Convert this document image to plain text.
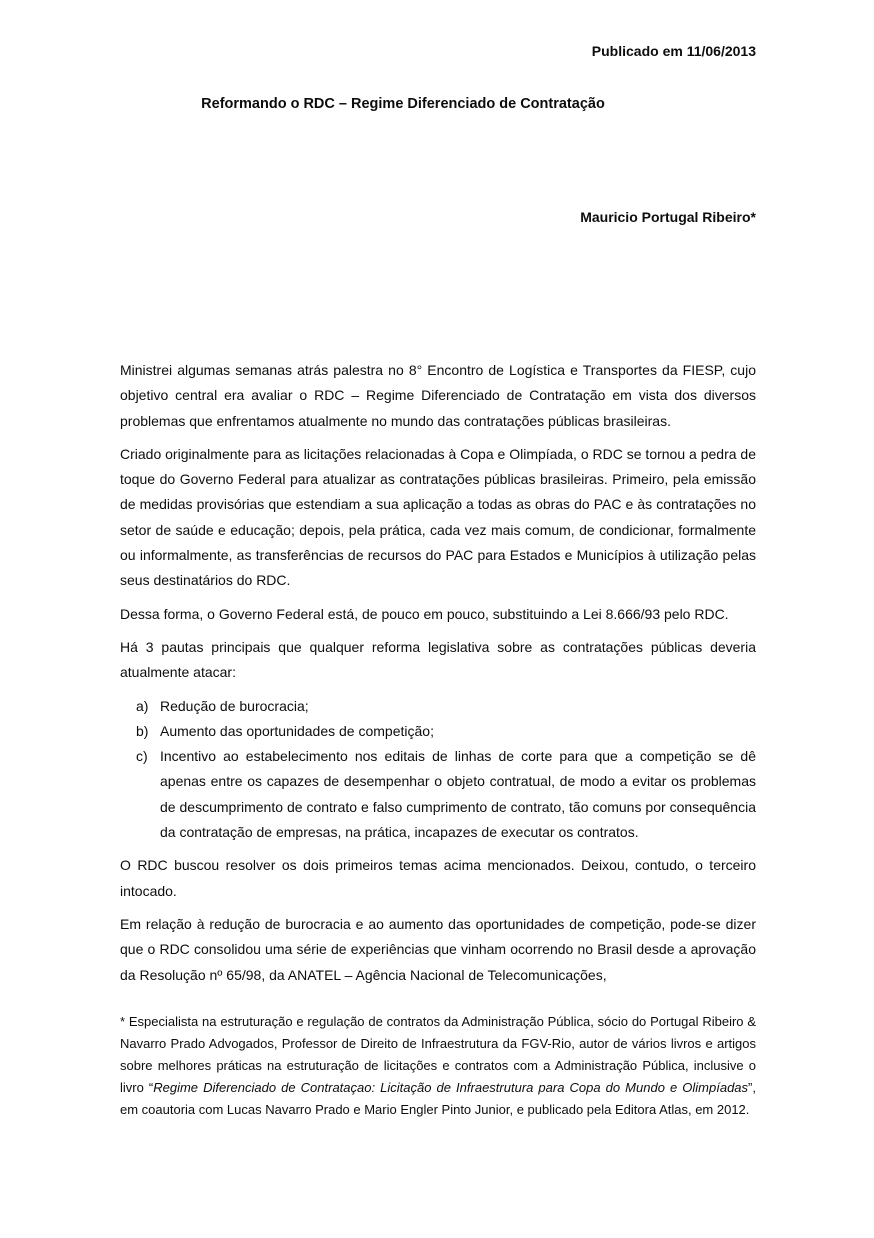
Publicado em 11/06/2013
Reformando o RDC – Regime Diferenciado de Contratação
Mauricio Portugal Ribeiro*

Ministrei algumas semanas atrás palestra no 8° Encontro de Logística e Transportes da FIESP, cujo objetivo central era avaliar o RDC – Regime Diferenciado de Contratação em vista dos diversos problemas que enfrentamos atualmente no mundo das contratações públicas brasileiras.

Criado originalmente para as licitações relacionadas à Copa e Olimpíada, o RDC se tornou a pedra de toque do Governo Federal para atualizar as contratações públicas brasileiras. Primeiro, pela emissão de medidas provisórias que estendiam a sua aplicação a todas as obras do PAC e às contratações no setor de saúde e educação; depois, pela prática, cada vez mais comum, de condicionar, formalmente ou informalmente, as transferências de recursos do PAC para Estados e Municípios à utilização pelas seus destinatários do RDC.

Dessa forma, o Governo Federal está, de pouco em pouco, substituindo a Lei 8.666/93 pelo RDC.

Há 3 pautas principais que qualquer reforma legislativa sobre as contratações públicas deveria atualmente atacar:

a) Redução de burocracia;
b) Aumento das oportunidades de competição;
c) Incentivo ao estabelecimento nos editais de linhas de corte para que a competição se dê apenas entre os capazes de desempenhar o objeto contratual, de modo a evitar os problemas de descumprimento de contrato e falso cumprimento de contrato, tão comuns por consequência da contratação de empresas, na prática, incapazes de executar os contratos.

O RDC buscou resolver os dois primeiros temas acima mencionados. Deixou, contudo, o terceiro intocado.

Em relação à redução de burocracia e ao aumento das oportunidades de competição, pode-se dizer que o RDC consolidou uma série de experiências que vinham ocorrendo no Brasil desde a aprovação da Resolução nº 65/98, da ANATEL – Agência Nacional de Telecomunicações,

* Especialista na estruturação e regulação de contratos da Administração Pública, sócio do Portugal Ribeiro & Navarro Prado Advogados, Professor de Direito de Infraestrutura da FGV-Rio, autor de vários livros e artigos sobre melhores práticas na estruturação de licitações e contratos com a Administração Pública, inclusive o livro “Regime Diferenciado de Contrataçao: Licitação de Infraestrutura para Copa do Mundo e Olimpíadas”, em coautoria com Lucas Navarro Prado e Mario Engler Pinto Junior, e publicado pela Editora Atlas, em 2012.
